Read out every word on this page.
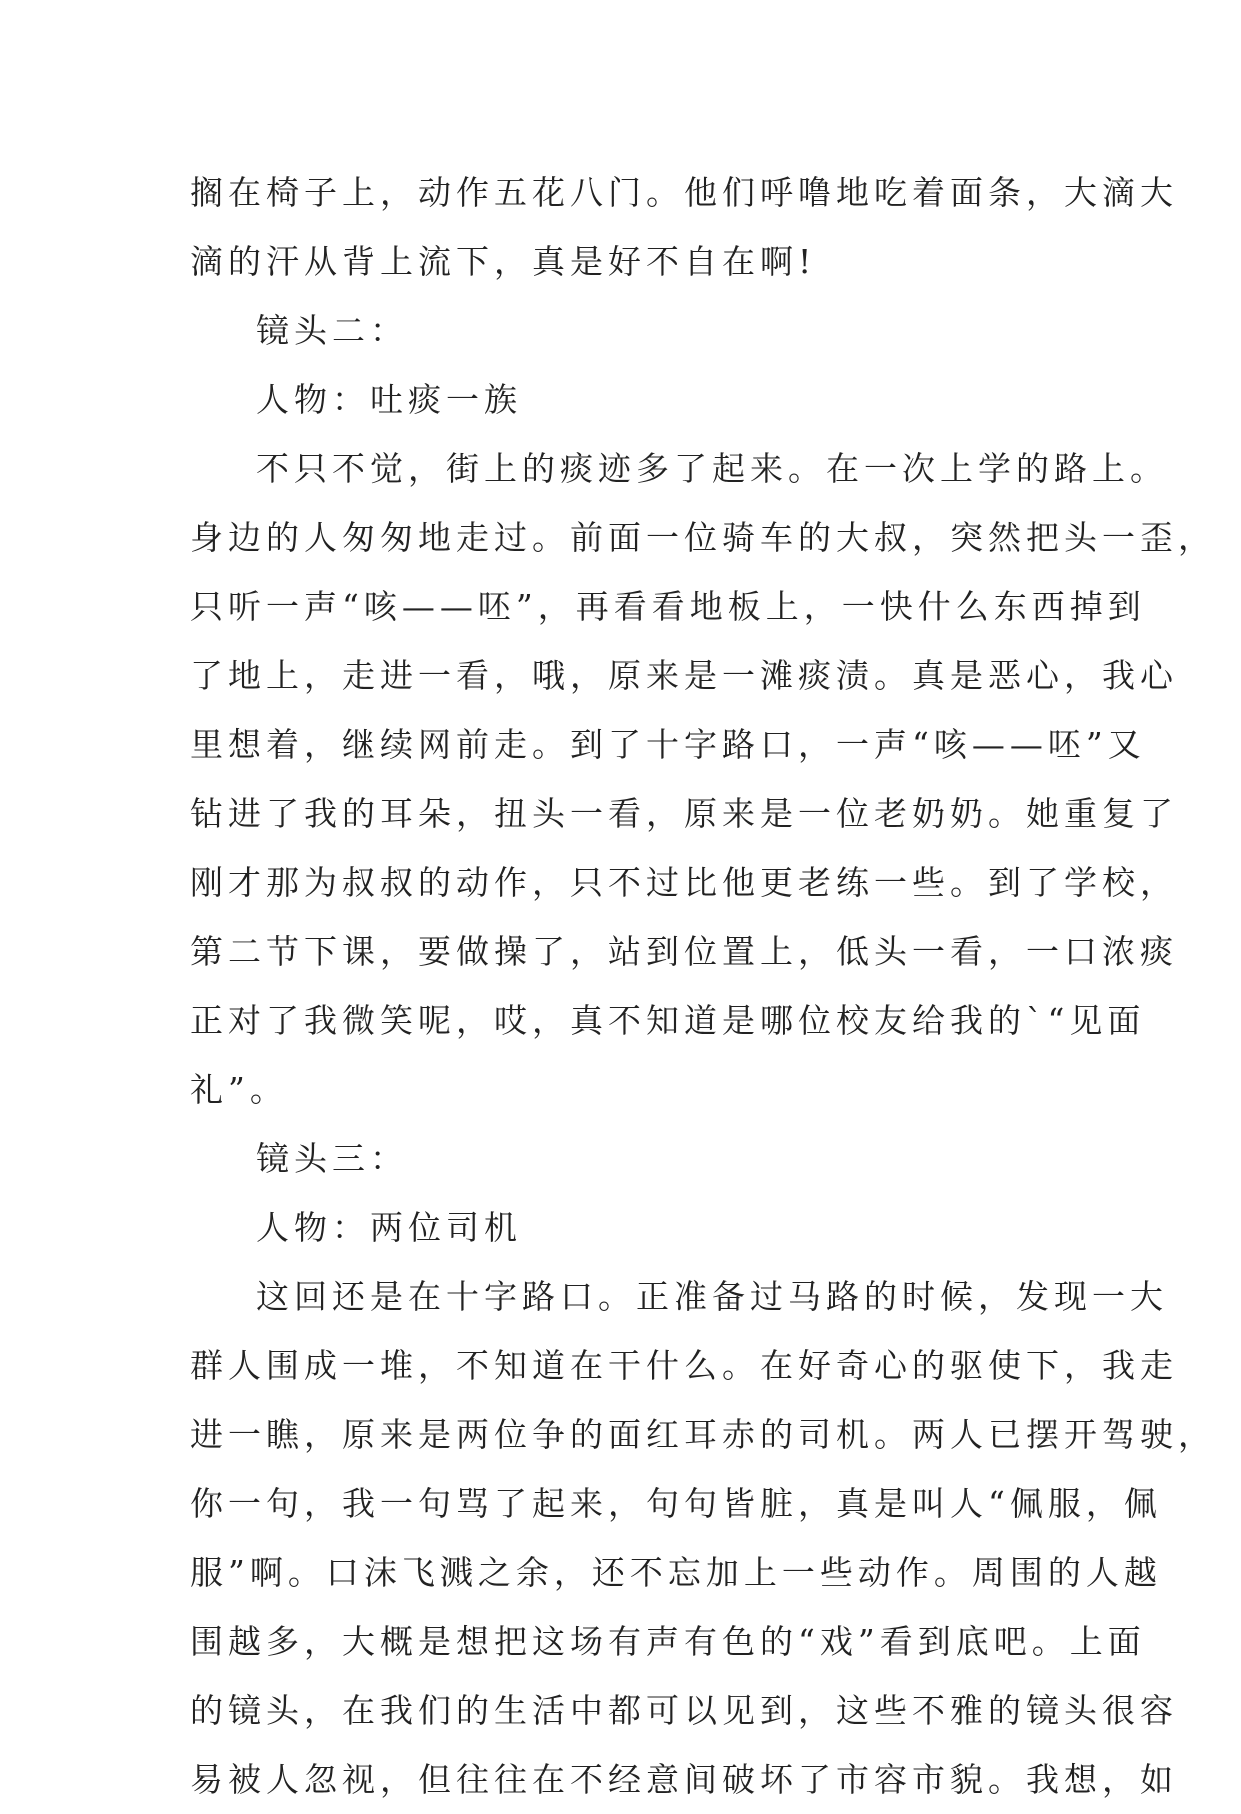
搁在椅子上，动作五花八门。他们呼噜地吃着面条，大滴大
滴的汗从背上流下，真是好不自在啊!

镜头二：

人物：吐痰一族

不只不觉，街上的痰迹多了起来。在一次上学的路上。

身边的人匆匆地走过。前面一位骑车的大叔，突然把头一歪，
只听一声“咳——呸”，再看看地板上，一快什么东西掉到
了地上，走进一看，哦，原来是一滩痰渍。真是恶心，我心
里想着，继续网前走。到了十字路口，一声“咳——呸”又
钻进了我的耳朵，扭头一看，原来是一位老奶奶。她重复了
刚才那为叔叔的动作，只不过比他更老练一些。到了学校，
第二节下课，要做操了，站到位置上，低头一看，一口浓痰
正对了我微笑呢，哎，真不知道是哪位校友给我的`“见面
礼”。

镜头三：

人物：两位司机

这回还是在十字路口。正准备过马路的时候，发现一大

群人围成一堆，不知道在干什么。在好奇心的驱使下，我走
进一瞧，原来是两位争的面红耳赤的司机。两人已摆开驾驶，
你一句，我一句骂了起来，句句皆脏，真是叫人“佩服，佩
服”啊。口沫飞溅之余，还不忘加上一些动作。周围的人越
围越多，大概是想把这场有声有色的“戏”看到底吧。上面
的镜头，在我们的生活中都可以见到，这些不雅的镜头很容
易被人忽视，但往往在不经意间破坏了市容市貌。我想，如
